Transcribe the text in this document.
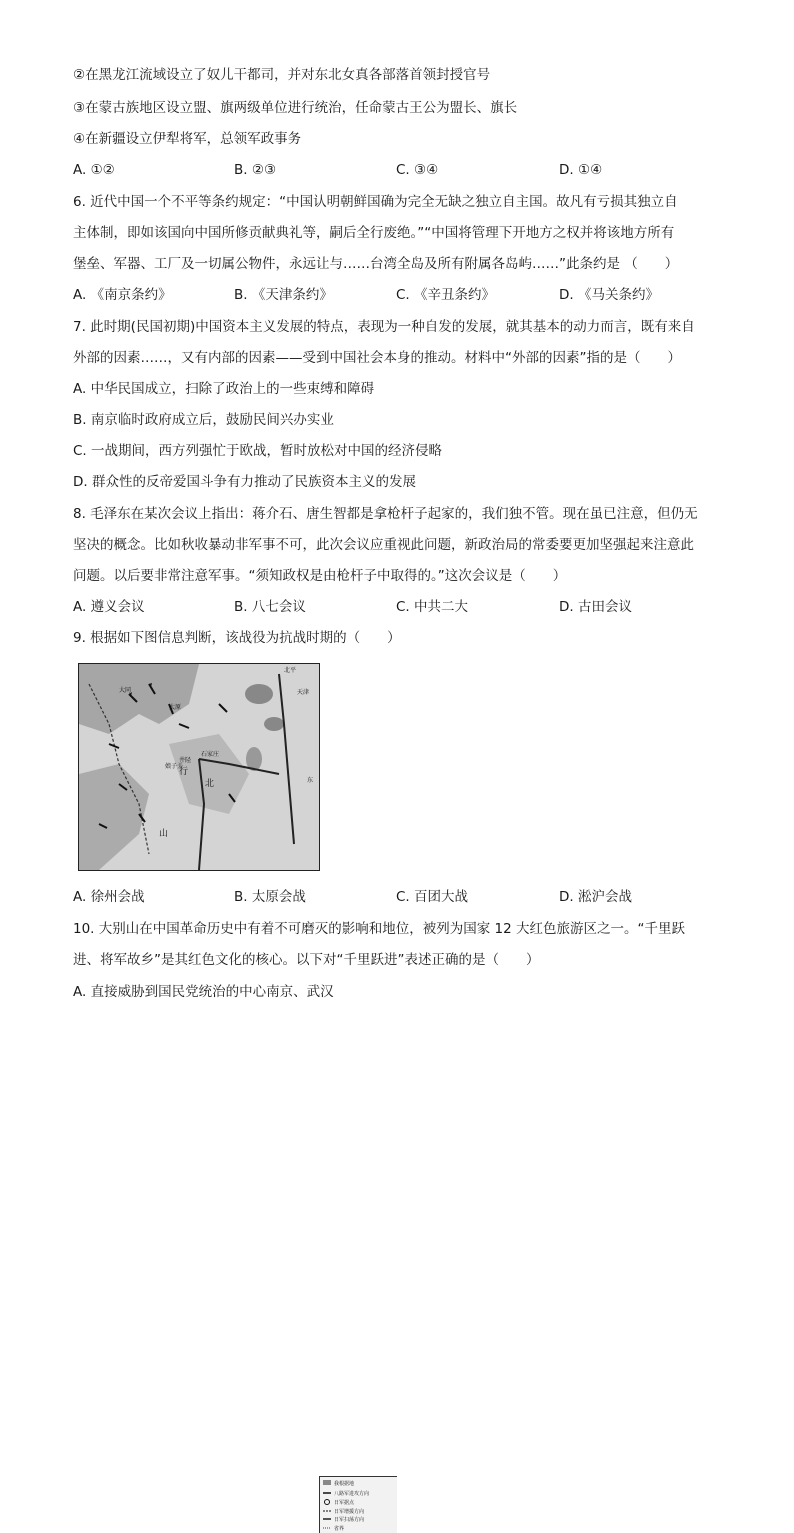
②在黑龙江流域设立了奴儿干都司，并对东北女真各部落首领封授官号
③在蒙古族地区设立盟、旗两级单位进行统治，任命蒙古王公为盟长、旗长
④在新疆设立伊犁将军，总领军政事务
A. ①②	B. ②③	C. ③④	D. ①④
6. 近代中国一个不平等条约规定：“中国认明朝鲜国确为完全无缺之独立自主国。故凡有亏损其独立自
主体制，即如该国向中国所修贡献典礼等，嗣后全行废绝。”“中国将管理下开地方之权并将该地方所有
堡垒、军器、工厂及一切属公物件，永远让与……台湾全岛及所有附属各岛屿……”此条约是 （　　）
A. 《南京条约》	B. 《天津条约》	C. 《辛丑条约》	D. 《马关条约》
7. 此时期(民国初期)中国资本主义发展的特点，表现为一种自发的发展，就其基本的动力而言，既有来自
外部的因素……，又有内部的因素——受到中国社会本身的推动。材料中“外部的因素”指的是（　　）
A. 中华民国成立，扫除了政治上的一些束缚和障碍
B. 南京临时政府成立后，鼓励民间兴办实业
C. 一战期间，西方列强忙于欧战，暂时放松对中国的经济侵略
D. 群众性的反帝爱国斗争有力推动了民族资本主义的发展
8. 毛泽东在某次会议上指出：蒋介石、唐生智都是拿枪杆子起家的，我们独不管。现在虽已注意，但仍无
坚决的概念。比如秋收暴动非军事不可，此次会议应重视此问题，新政治局的常委要更加坚强起来注意此
问题。以后要非常注意军事。“须知政权是由枪杆子中取得的。”这次会议是（　　）
A. 遵义会议	B. 八七会议	C. 中共二大	D. 古田会议
9. 根据如下图信息判断，该战役为抗战时期的（　　）
太原
北平
天津
石家庄
行
北
山
东
井陉
娘子关
大同
我根据地
八路军进攻方向
日军据点
日军增援方向
日军扫荡方向
省界
A. 徐州会战	B. 太原会战	C. 百团大战	D. 淞沪会战
10. 大别山在中国革命历史中有着不可磨灭的影响和地位，被列为国家 12 大红色旅游区之一。“千里跃
进、将军故乡”是其红色文化的核心。以下对“千里跃进”表述正确的是（　　）
A. 直接威胁到国民党统治的中心南京、武汉
